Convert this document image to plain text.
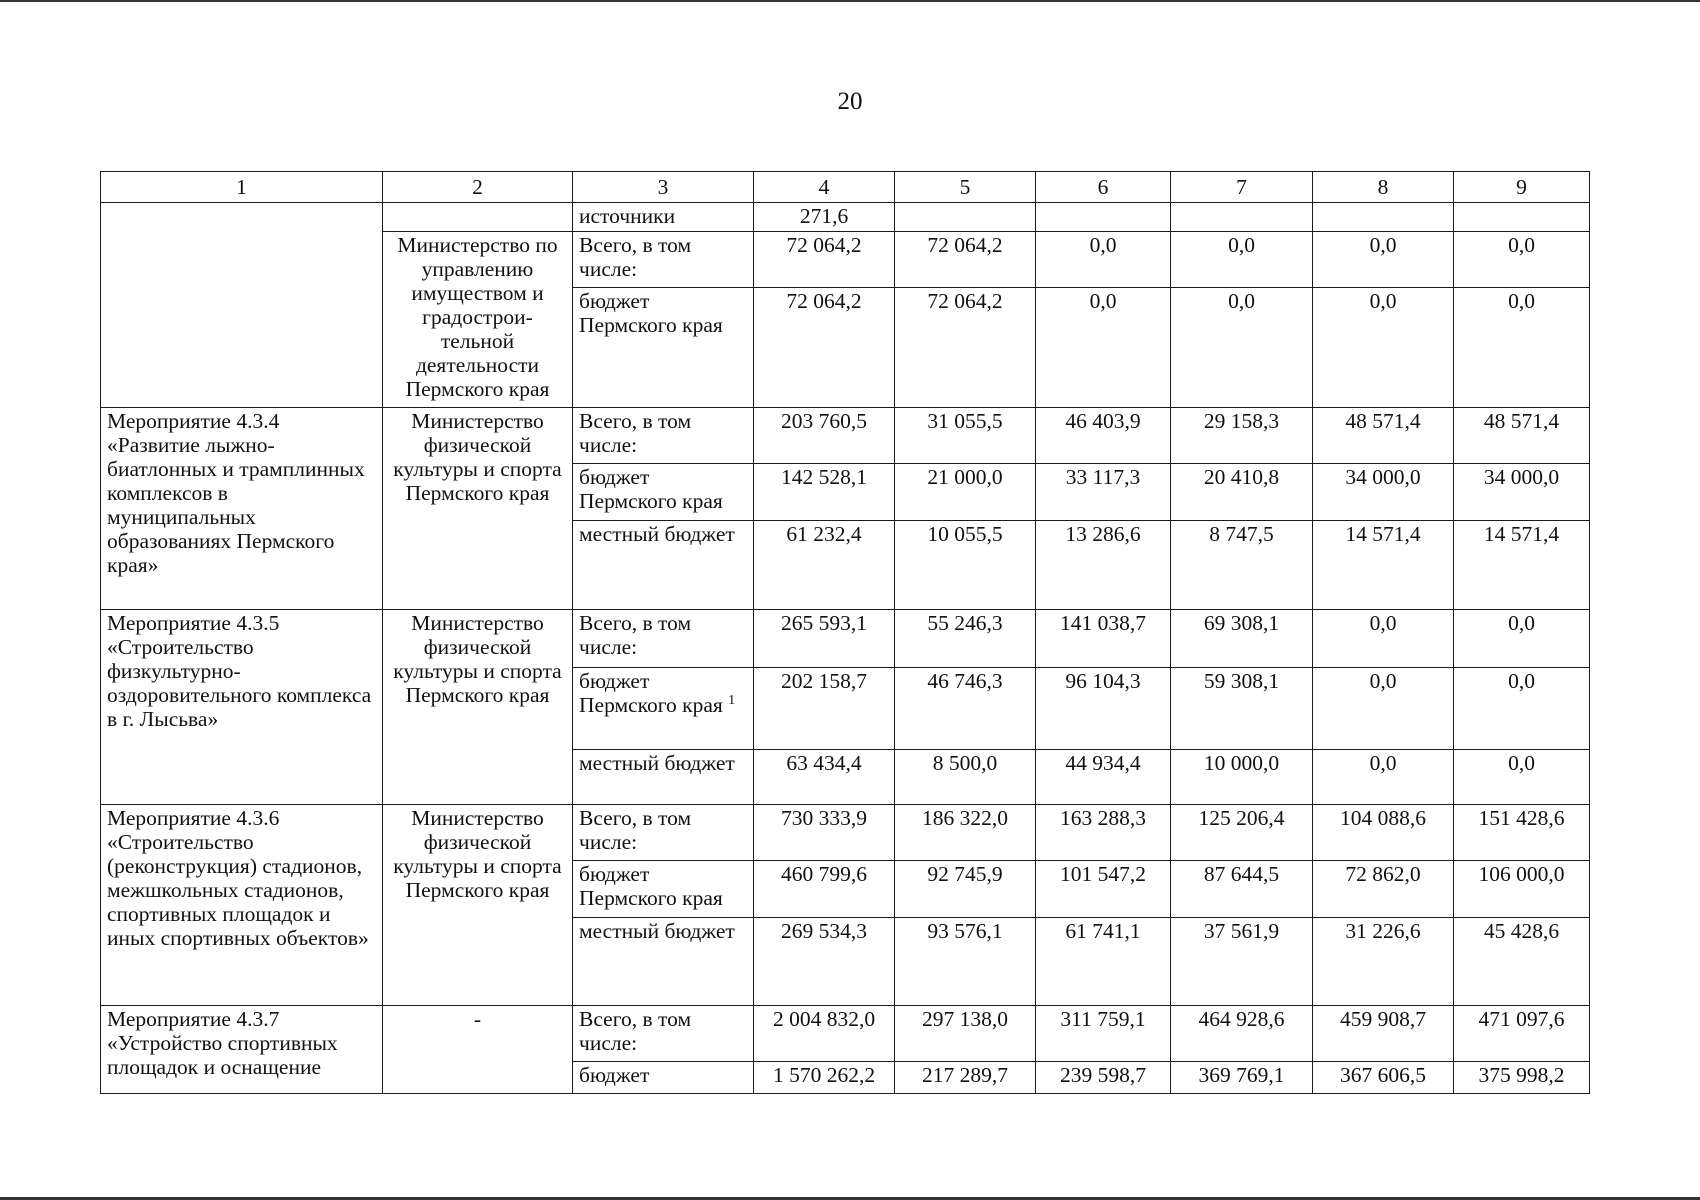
20
1	2	3	4	5	6	7	8	9
		источники	271,6					
	Министерство по управлению имуществом и градострои-тельной деятельности Пермского края	Всего, в том числе:	72 064,2	72 064,2	0,0	0,0	0,0	0,0
		бюджет Пермского края	72 064,2	72 064,2	0,0	0,0	0,0	0,0
Мероприятие 4.3.4 «Развитие лыжно-биатлонных и трамплинных комплексов в муниципальных образованиях Пермского края»	Министерство физической культуры и спорта Пермского края	Всего, в том числе:	203 760,5	31 055,5	46 403,9	29 158,3	48 571,4	48 571,4
		бюджет Пермского края	142 528,1	21 000,0	33 117,3	20 410,8	34 000,0	34 000,0
		местный бюджет	61 232,4	10 055,5	13 286,6	8 747,5	14 571,4	14 571,4
Мероприятие 4.3.5 «Строительство физкультурно-оздоровительного комплекса в г. Лысьва»	Министерство физической культуры и спорта Пермского края	Всего, в том числе:	265 593,1	55 246,3	141 038,7	69 308,1	0,0	0,0
		бюджет Пермского края $^1$	202 158,7	46 746,3	96 104,3	59 308,1	0,0	0,0
		местный бюджет	63 434,4	8 500,0	44 934,4	10 000,0	0,0	0,0
Мероприятие 4.3.6 «Строительство (реконструкция) стадионов, межшкольных стадионов, спортивных площадок и иных спортивных объектов»	Министерство физической культуры и спорта Пермского края	Всего, в том числе:	730 333,9	186 322,0	163 288,3	125 206,4	104 088,6	151 428,6
		бюджет Пермского края	460 799,6	92 745,9	101 547,2	87 644,5	72 862,0	106 000,0
		местный бюджет	269 534,3	93 576,1	61 741,1	37 561,9	31 226,6	45 428,6
Мероприятие 4.3.7 «Устройство спортивных площадок и оснащение	-	Всего, в том числе:	2 004 832,0	297 138,0	311 759,1	464 928,6	459 908,7	471 097,6
		бюджет	1 570 262,2	217 289,7	239 598,7	369 769,1	367 606,5	375 998,2
